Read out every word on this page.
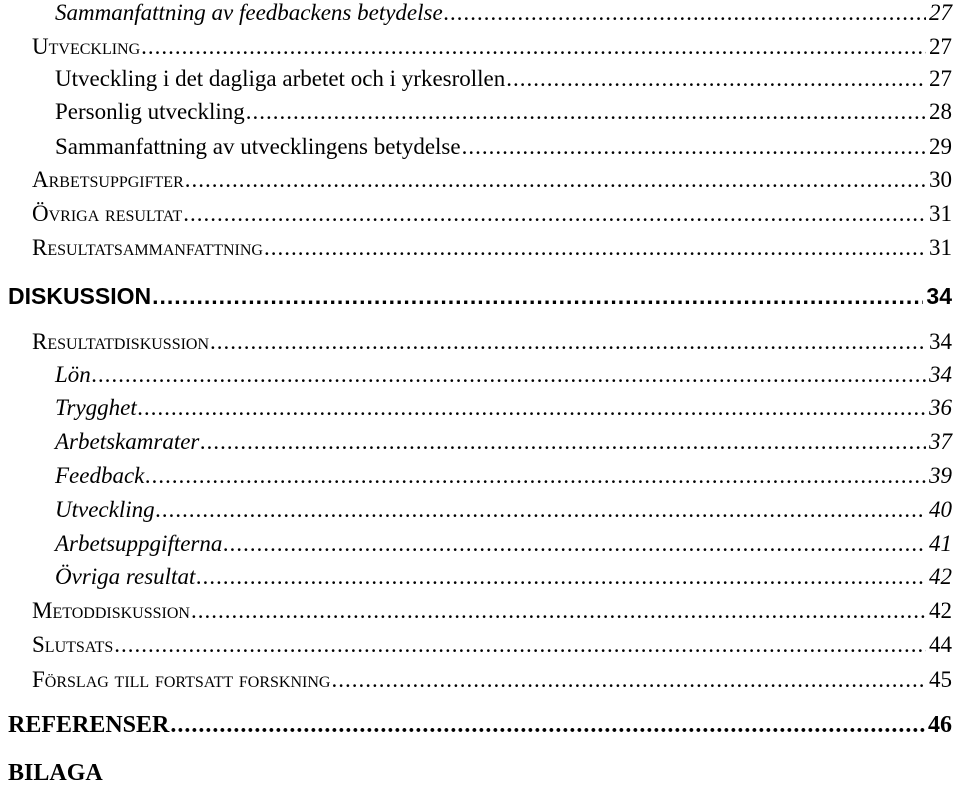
Sammanfattning av feedbackens betydelse .....	27
Utveckling .....	27
Utveckling i det dagliga arbetet och i yrkesrollen .....	27
Personlig utveckling .....	28
Sammanfattning av utvecklingens betydelse .....	29
Arbetsuppgifter .....	30
Övriga resultat .....	31
Resultatsammanfattning .....	31
DISKUSSION .....	34
Resultatdiskussion .....	34
Lön .....	34
Trygghet .....	36
Arbetskamrater .....	37
Feedback .....	39
Utveckling .....	40
Arbetsuppgifterna .....	41
Övriga resultat .....	42
Metoddiskussion .....	42
Slutsats .....	44
Förslag till fortsatt forskning .....	45
REFERENSER .....	46
BILAGA
